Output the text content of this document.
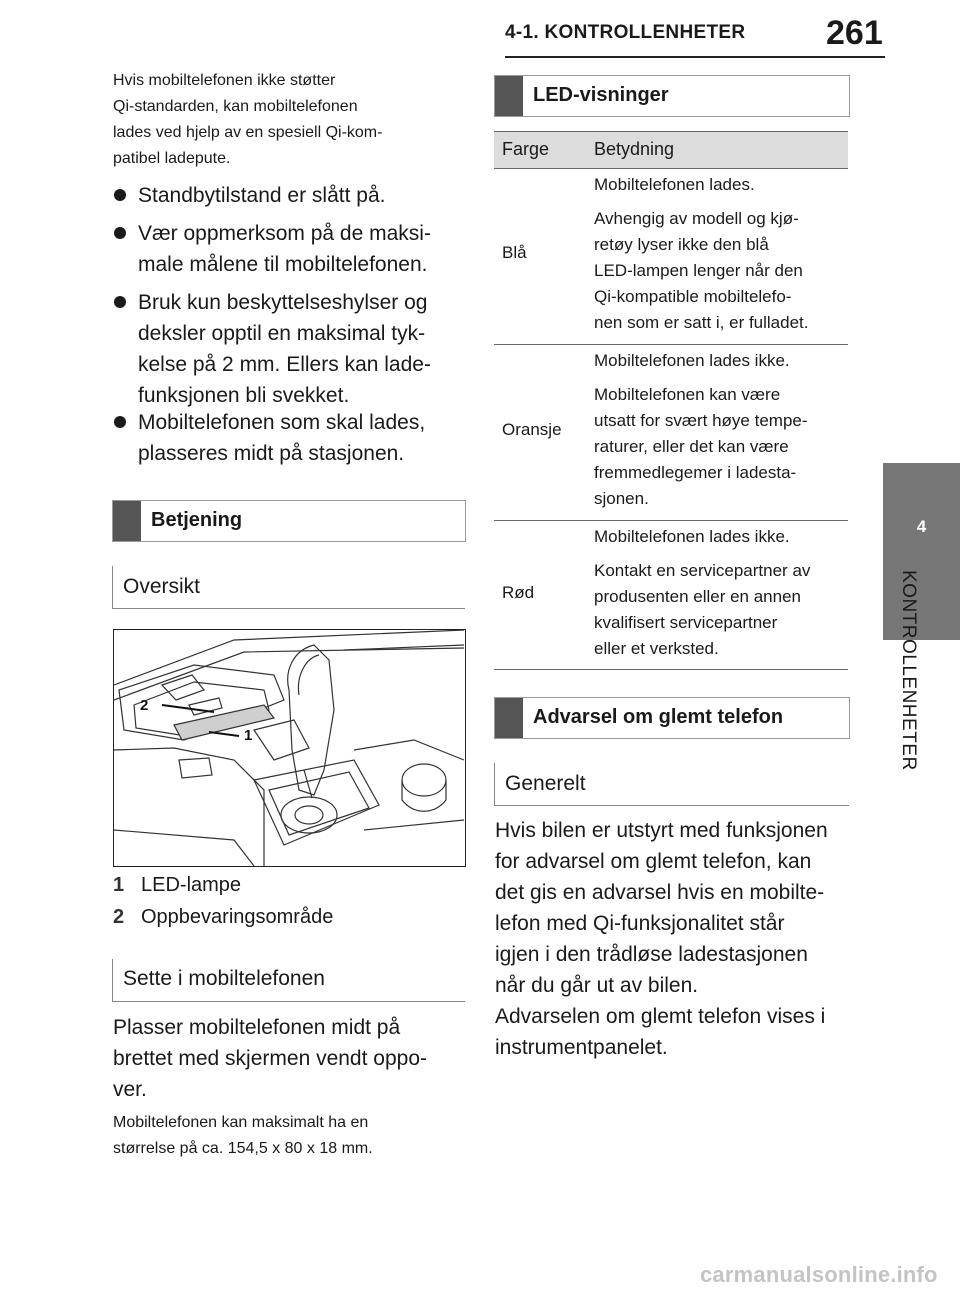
4-1. KONTROLLENHETER 261
4
KONTROLLENHETER
Hvis mobiltelefonen ikke støtter
Qi-standarden, kan mobiltelefonen
lades ved hjelp av en spesiell Qi-kom-
patibel ladepute.
Standbytilstand er slått på.
Vær oppmerksom på de maksi-
male målene til mobiltelefonen.
Bruk kun beskyttelseshylser og
deksler opptil en maksimal tyk-
kelse på 2 mm. Ellers kan lade-
funksjonen bli svekket.
Mobiltelefonen som skal lades,
plasseres midt på stasjonen.
Betjening
Oversikt
2
1
1 LED-lampe
2 Oppbevaringsområde
Sette i mobiltelefonen
Plasser mobiltelefonen midt på
brettet med skjermen vendt oppo-
ver.
Mobiltelefonen kan maksimalt ha en
størrelse på ca. 154,5 x 80 x 18 mm.
LED-visninger
Farge Betydning
Blå

Mobiltelefonen lades.

Avhengig av modell og kjø-
retøy lyser ikke den blå
LED-lampen lenger når den
Qi-kompatible mobiltelefo-
nen som er satt i, er fulladet.

Oransje

Mobiltelefonen lades ikke.

Mobiltelefonen kan være
utsatt for svært høye tempe-
raturer, eller det kan være
fremmedlegemer i ladesta-
sjonen.

Rød

Mobiltelefonen lades ikke.

Kontakt en servicepartner av
produsenten eller en annen
kvalifisert servicepartner
eller et verksted.

Advarsel om glemt telefon
Generelt
Hvis bilen er utstyrt med funksjonen
for advarsel om glemt telefon, kan
det gis en advarsel hvis en mobilte-
lefon med Qi-funksjonalitet står
igjen i den trådløse ladestasjonen
når du går ut av bilen.
Advarselen om glemt telefon vises i
instrumentpanelet.
carmanualsonline.info
